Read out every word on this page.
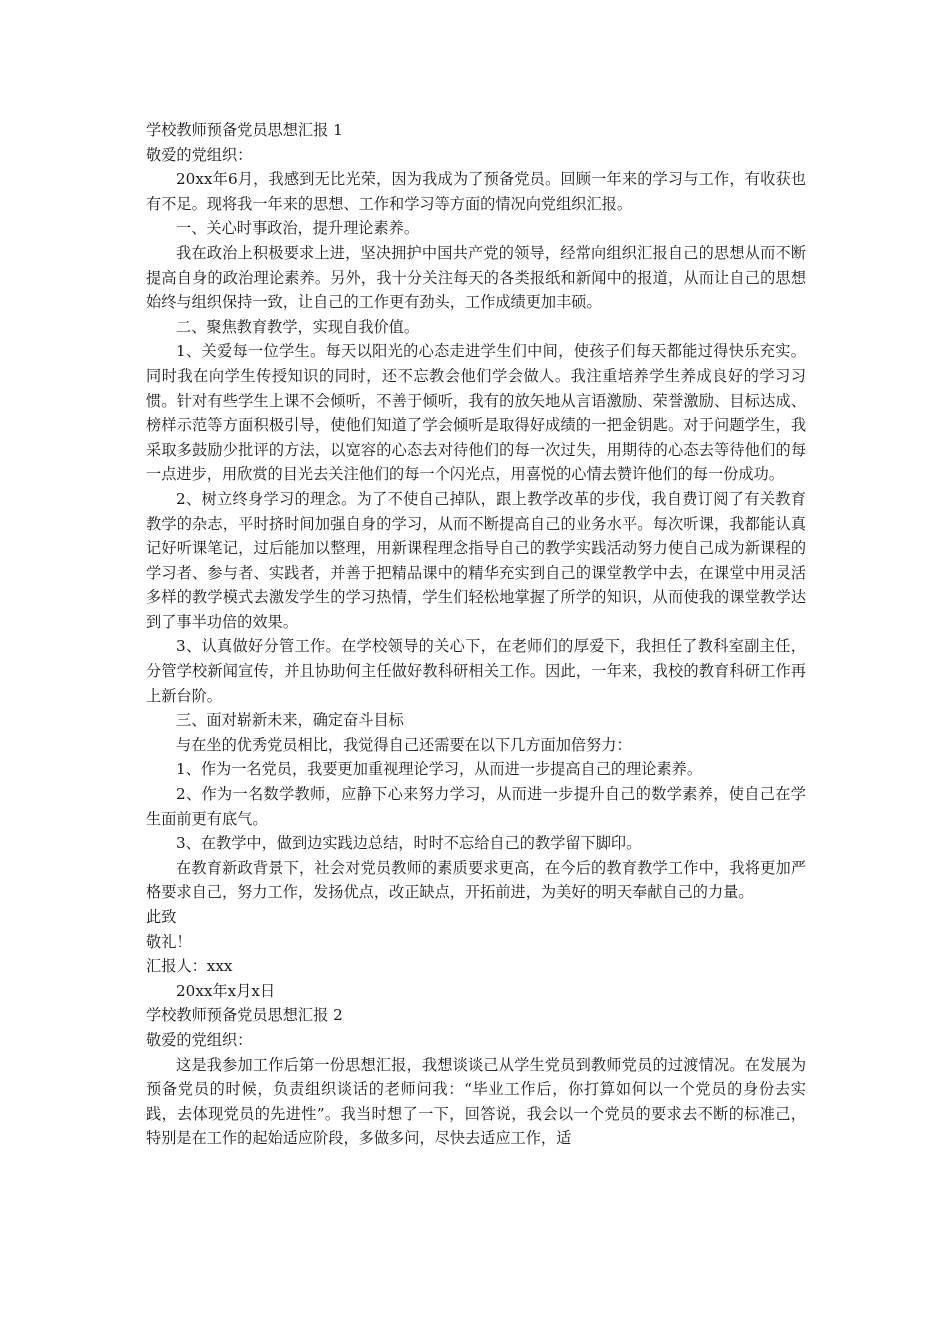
学校教师预备党员思想汇报 1

敬爱的党组织：

20xx年6月，我感到无比光荣，因为我成为了预备党员。回顾一年来的学习与工作，有收获也有不足。现将我一年来的思想、工作和学习等方面的情况向党组织汇报。

一、关心时事政治，提升理论素养。

我在政治上积极要求上进，坚决拥护中国共产党的领导，经常向组织汇报自己的思想从而不断提高自身的政治理论素养。另外，我十分关注每天的各类报纸和新闻中的报道，从而让自己的思想始终与组织保持一致，让自己的工作更有劲头，工作成绩更加丰硕。

二、聚焦教育教学，实现自我价值。

1、关爱每一位学生。每天以阳光的心态走进学生们中间，使孩子们每天都能过得快乐充实。同时我在向学生传授知识的同时，还不忘教会他们学会做人。我注重培养学生养成良好的学习习惯。针对有些学生上课不会倾听，不善于倾听，我有的放矢地从言语激励、荣誉激励、目标达成、榜样示范等方面积极引导，使他们知道了学会倾听是取得好成绩的一把金钥匙。对于问题学生，我采取多鼓励少批评的方法，以宽容的心态去对待他们的每一次过失，用期待的心态去等待他们的每一点进步，用欣赏的目光去关注他们的每一个闪光点，用喜悦的心情去赞许他们的每一份成功。

2、树立终身学习的理念。为了不使自己掉队，跟上教学改革的步伐，我自费订阅了有关教育教学的杂志，平时挤时间加强自身的学习，从而不断提高自己的业务水平。每次听课，我都能认真记好听课笔记，过后能加以整理，用新课程理念指导自己的教学实践活动努力使自己成为新课程的学习者、参与者、实践者，并善于把精品课中的精华充实到自己的课堂教学中去，在课堂中用灵活多样的教学模式去激发学生的学习热情，学生们轻松地掌握了所学的知识，从而使我的课堂教学达到了事半功倍的效果。

3、认真做好分管工作。在学校领导的关心下，在老师们的厚爱下，我担任了教科室副主任，分管学校新闻宣传，并且协助何主任做好教科研相关工作。因此，一年来，我校的教育科研工作再上新台阶。

三、面对崭新未来，确定奋斗目标

与在坐的优秀党员相比，我觉得自己还需要在以下几方面加倍努力：

1、作为一名党员，我要更加重视理论学习，从而进一步提高自己的理论素养。

2、作为一名数学教师，应静下心来努力学习，从而进一步提升自己的数学素养，使自己在学生面前更有底气。

3、在教学中，做到边实践边总结，时时不忘给自己的教学留下脚印。

在教育新政背景下，社会对党员教师的素质要求更高，在今后的教育教学工作中，我将更加严格要求自己，努力工作，发扬优点，改正缺点，开拓前进，为美好的明天奉献自己的力量。

此致

敬礼！

汇报人：xxx

20xx年x月x日

学校教师预备党员思想汇报 2

敬爱的党组织：

这是我参加工作后第一份思想汇报，我想谈谈己从学生党员到教师党员的过渡情况。在发展为预备党员的时候，负责组织谈话的老师问我：“毕业工作后，你打算如何以一个党员的身份去实践，去体现党员的先进性”。我当时想了一下，回答说，我会以一个党员的要求去不断的标准己，特别是在工作的起始适应阶段，多做多问，尽快去适应工作，适
